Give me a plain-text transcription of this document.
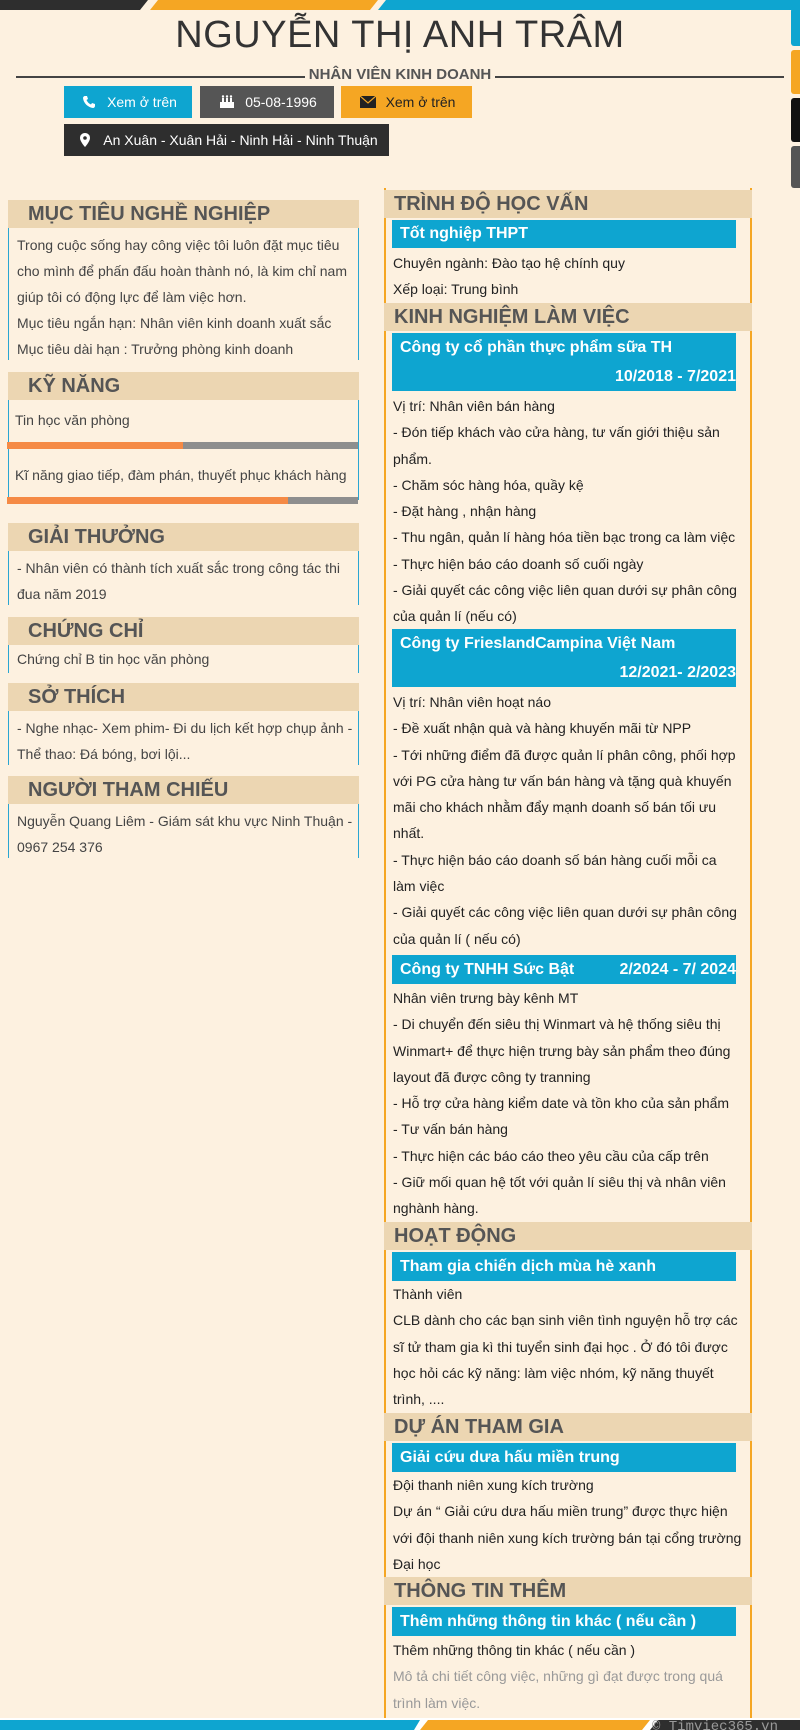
NGUYỄN THỊ ANH TRÂM
NHÂN VIÊN KINH DOANH
Xem ở trên	05-08-1996	Xem ở trên
An Xuân - Xuân Hải - Ninh Hải - Ninh Thuận
MỤC TIÊU NGHỀ NGHIỆP

Trong cuộc sống hay công việc tôi luôn đặt mục tiêu

cho mình để phấn đấu hoàn thành nó, là kim chỉ nam

giúp tôi có động lực để làm việc hơn.

Mục tiêu ngắn hạn: Nhân viên kinh doanh xuất sắc

Mục tiêu dài hạn : Trưởng phòng kinh doanh

KỸ NĂNG
Tin học văn phòng
Kĩ năng giao tiếp, đàm phán, thuyết phục khách hàng
GIẢI THƯỞNG

- Nhân viên có thành tích xuất sắc trong công tác thi

đua năm 2019

CHỨNG CHỈ

Chứng chỉ B tin học văn phòng

SỞ THÍCH

- Nghe nhạc- Xem phim- Đi du lịch kết hợp chụp ảnh -

Thể thao: Đá bóng, bơi lội...

NGƯỜI THAM CHIẾU

Nguyễn Quang Liêm - Giám sát khu vực Ninh Thuận -

0967 254 376

TRÌNH ĐỘ HỌC VẤN
Tốt nghiệp THPT

Chuyên ngành: Đào tạo hệ chính quy

Xếp loại: Trung bình

KINH NGHIỆM LÀM VIỆC
Công ty cổ phần thực phẩm sữa TH
10/2018 - 7/2021

Vị trí: Nhân viên bán hàng

- Đón tiếp khách vào cửa hàng, tư vấn giới thiệu sản

phẩm.

- Chăm sóc hàng hóa, quầy kệ

- Đặt hàng , nhận hàng

- Thu ngân, quản lí hàng hóa tiền bạc trong ca làm việc

- Thực hiện báo cáo doanh số cuối ngày

- Giải quyết các công việc liên quan dưới sự phân công

của quản lí (nếu có)

Công ty FrieslandCampina Việt Nam
12/2021- 2/2023

Vị trí: Nhân viên hoạt náo

- Đề xuất nhận quà và hàng khuyến mãi từ NPP

- Tới những điểm đã được quản lí phân công, phối hợp

với PG cửa hàng tư vấn bán hàng và tặng quà khuyến

mãi cho khách nhằm đẩy mạnh doanh số bán tối ưu

nhất.

- Thực hiện báo cáo doanh số bán hàng cuối mỗi ca

làm việc

- Giải quyết các công việc liên quan dưới sự phân công

của quản lí ( nếu có)

Công ty TNHH Sức Bật	2/2024 - 7/ 2024

Nhân viên trưng bày kênh MT

- Di chuyển đến siêu thị Winmart và hệ thống siêu thị

Winmart+ để thực hiện trưng bày sản phẩm theo đúng

layout đã được công ty tranning

- Hỗ trợ cửa hàng kiểm date và tồn kho của sản phẩm

- Tư vấn bán hàng

- Thực hiện các báo cáo theo yêu cầu của cấp trên

- Giữ mối quan hệ tốt với quản lí siêu thị và nhân viên

nghành hàng.

HOẠT ĐỘNG
Tham gia chiến dịch mùa hè xanh

Thành viên

CLB dành cho các bạn sinh viên tình nguyện hỗ trợ các

sĩ tử tham gia kì thi tuyển sinh đại học . Ở đó tôi được

học hỏi các kỹ năng: làm việc nhóm, kỹ năng thuyết

trình, ....

DỰ ÁN THAM GIA
Giải cứu dưa hấu miền trung

Đội thanh niên xung kích trường

Dự án “ Giải cứu dưa hấu miền trung” được thực hiện

với đội thanh niên xung kích trường bán tại cổng trường

Đại học

THÔNG TIN THÊM
Thêm những thông tin khác ( nếu cần )

Thêm những thông tin khác ( nếu cần )

Mô tả chi tiết công việc, những gì đạt được trong quá

trình làm việc.

© Timviec365.vn
